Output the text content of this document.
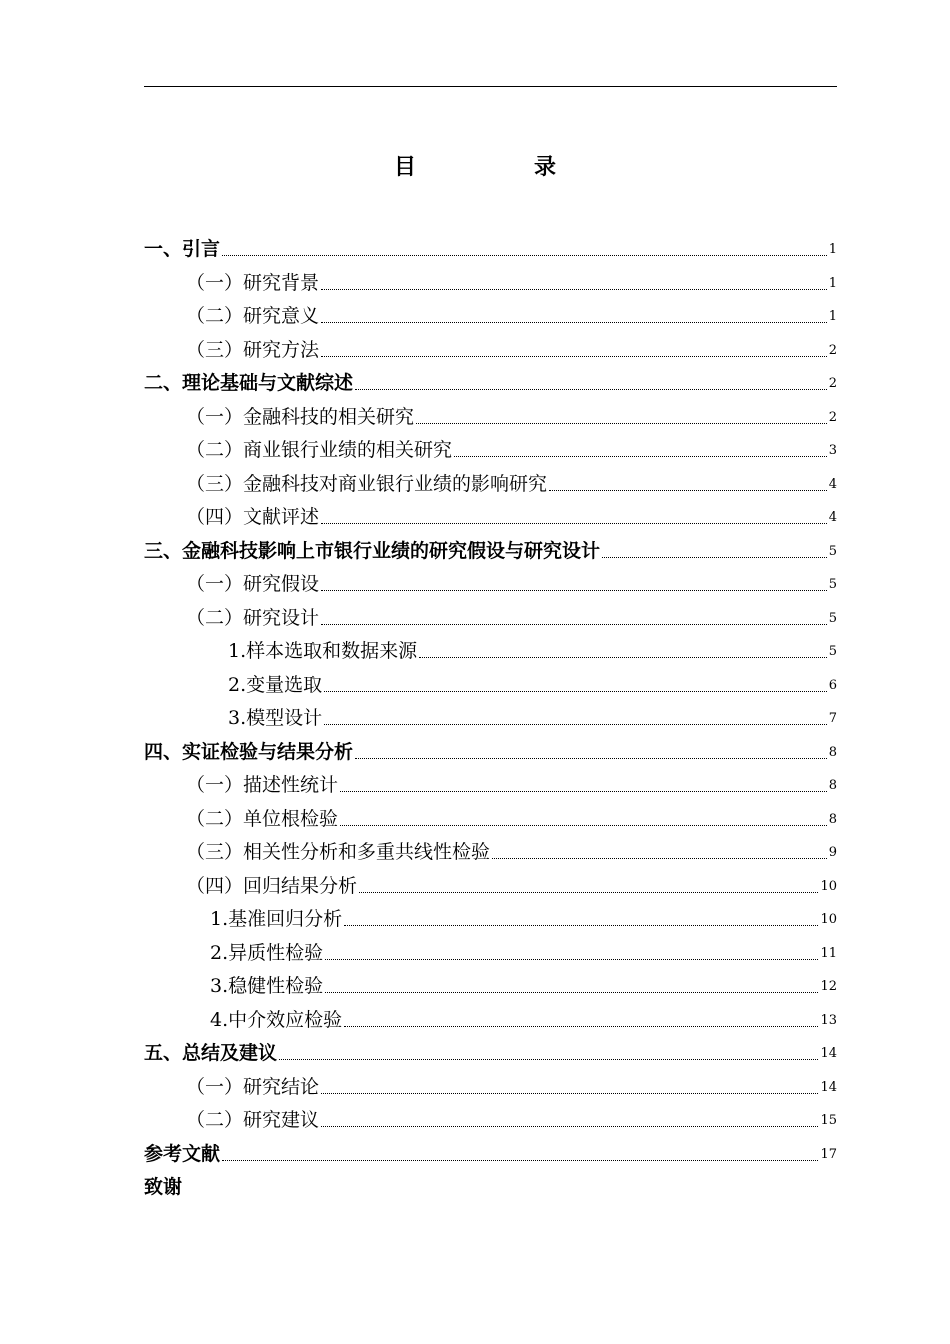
目　录
一、引言	1
（一）研究背景	1
（二）研究意义	1
（三）研究方法	2
二、理论基础与文献综述	2
（一）金融科技的相关研究	2
（二）商业银行业绩的相关研究	3
（三）金融科技对商业银行业绩的影响研究	4
（四）文献评述	4
三、金融科技影响上市银行业绩的研究假设与研究设计	5
（一）研究假设	5
（二）研究设计	5
1.样本选取和数据来源	5
2.变量选取	6
3.模型设计	7
四、实证检验与结果分析	8
（一）描述性统计	8
（二）单位根检验	8
（三）相关性分析和多重共线性检验	9
（四）回归结果分析	10
1.基准回归分析	10
2.异质性检验	11
3.稳健性检验	12
4.中介效应检验	13
五、总结及建议	14
（一）研究结论	14
（二）研究建议	15
参考文献	17
致谢
